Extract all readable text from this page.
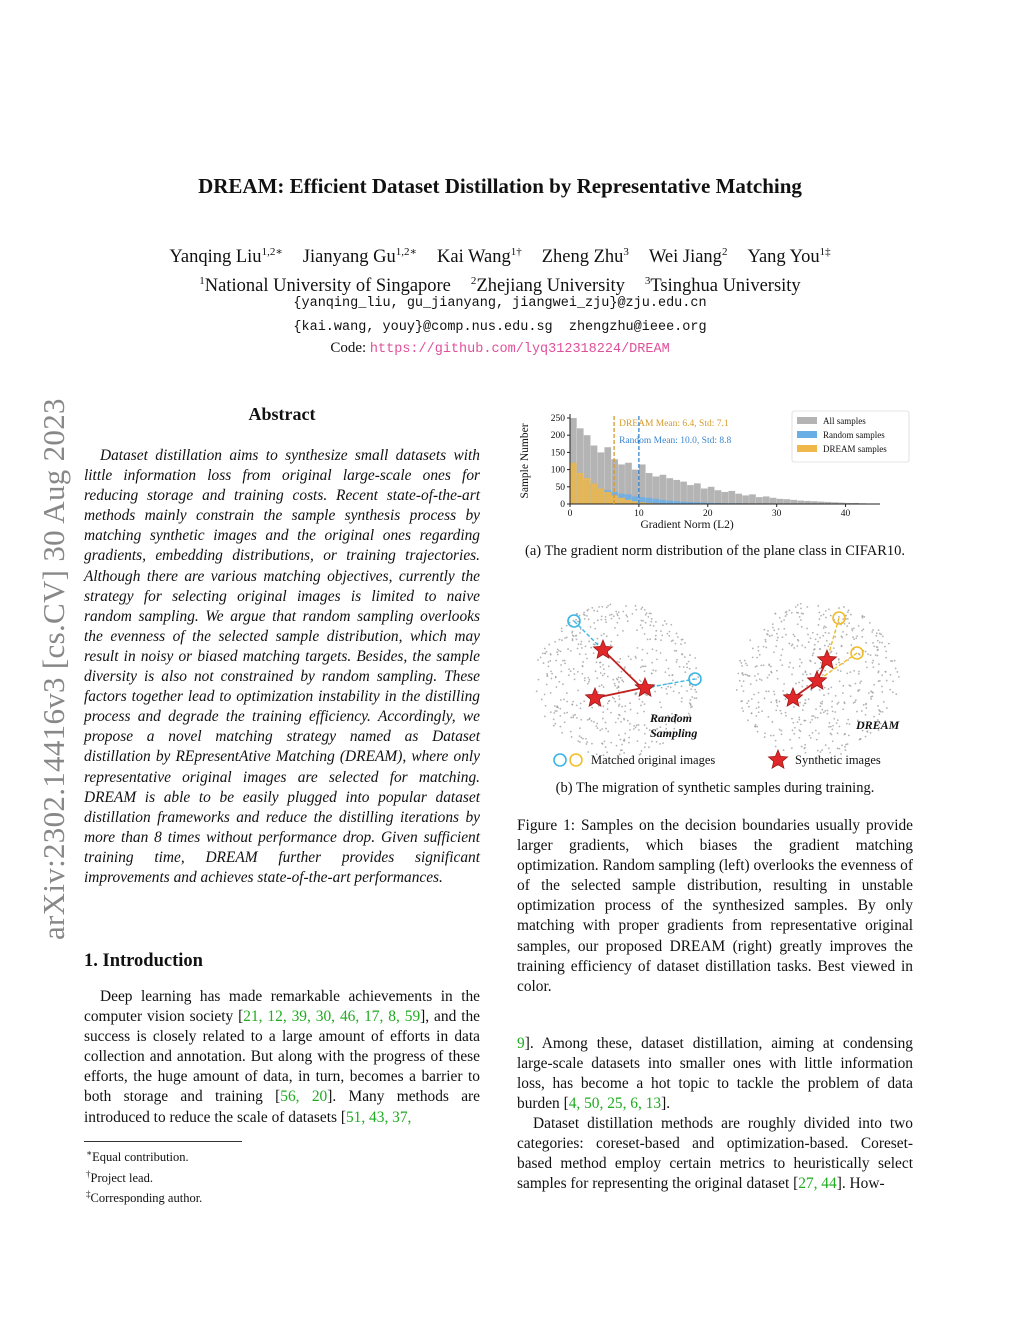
arXiv:2302.14416v3 [cs.CV] 30 Aug 2023
DREAM: Efficient Dataset Distillation by Representative Matching
Yanqing Liu$^{1,2∗}$ Jianyang $Gu^{1,2∗}$ Kai Wang$^{1\dagger}$ Zheng Zhu$^3$ Wei Jiang$^2$ Yang You$^{1\ddagger}$
$^1$National University of Singapore $^2$Zhejiang University $^3$Tsinghua University
{yanqing_liu, gu_jianyang, jiangwei_zju}@zju.edu.cn
{kai.wang, youy}@comp.nus.edu.sg  zhengzhu@ieee.org
Code: https://github.com/lyq312318224/DREAM
Abstract
Dataset distillation aims to synthesize small datasets with little information loss from original large-scale ones for reducing storage and training costs. Recent state-of-the-art methods mainly constrain the sample synthesis process by matching synthetic images and the original ones regarding gradients, embedding distributions, or training trajectories. Although there are various matching objectives, currently the strategy for selecting original images is limited to naive random sampling. We argue that random sampling overlooks the evenness of the selected sample distribution, which may result in noisy or biased matching targets. Besides, the sample diversity is also not constrained by random sampling. These factors together lead to optimization instability in the distilling process and degrade the training efficiency. Accordingly, we propose a novel matching strategy named as Dataset distillation by REpresentAtive Matching (DREAM), where only representative original images are selected for matching. DREAM is able to be easily plugged into popular dataset distillation frameworks and reduce the distilling iterations by more than 8 times without performance drop. Given sufficient training time, DREAM further provides significant improvements and achieves state-of-the-art performances.
1. Introduction
Deep learning has made remarkable achievements in the computer vision society [21, 12, 39, 30, 46, 17, 8, 59], and the success is closely related to a large amount of efforts in data collection and annotation. But along with the progress of these efforts, the huge amount of data, in turn, becomes a barrier to both storage and training [56, 20]. Many methods are introduced to reduce the scale of datasets [51, 43, 37,
∗Equal contribution.
†Project lead.
‡Corresponding author.
0	10	20	30	40
0
50
100
150
200
250
Gradient Norm (L2)
Sample Number	DREAM Mean: 6.4, Std: 7.1
Random Mean: 10.0, Std: 8.8
All samples
Random samples
DREAM samples
(a) The gradient norm distribution of the plane class in CIFAR10.
Random
Sampling
DREAM
Matched original images	Synthetic images
(b) The migration of synthetic samples during training.
Figure 1: Samples on the decision boundaries usually provide larger gradients, which biases the gradient matching optimization. Random sampling (left) overlooks the evenness of of the selected sample distribution, resulting in unstable optimization process of the synthesized samples. By only matching with proper gradients from representative original samples, our proposed DREAM (right) greatly improves the training efficiency of dataset distillation tasks. Best viewed in color.
9]. Among these, dataset distillation, aiming at condensing large-scale datasets into smaller ones with little information loss, has become a hot topic to tackle the problem of data burden [4, 50, 25, 6, 13].
Dataset distillation methods are roughly divided into two categories: coreset-based and optimization-based. Coreset-based method employ certain metrics to heuristically select samples for representing the original dataset [27, 44]. How-
